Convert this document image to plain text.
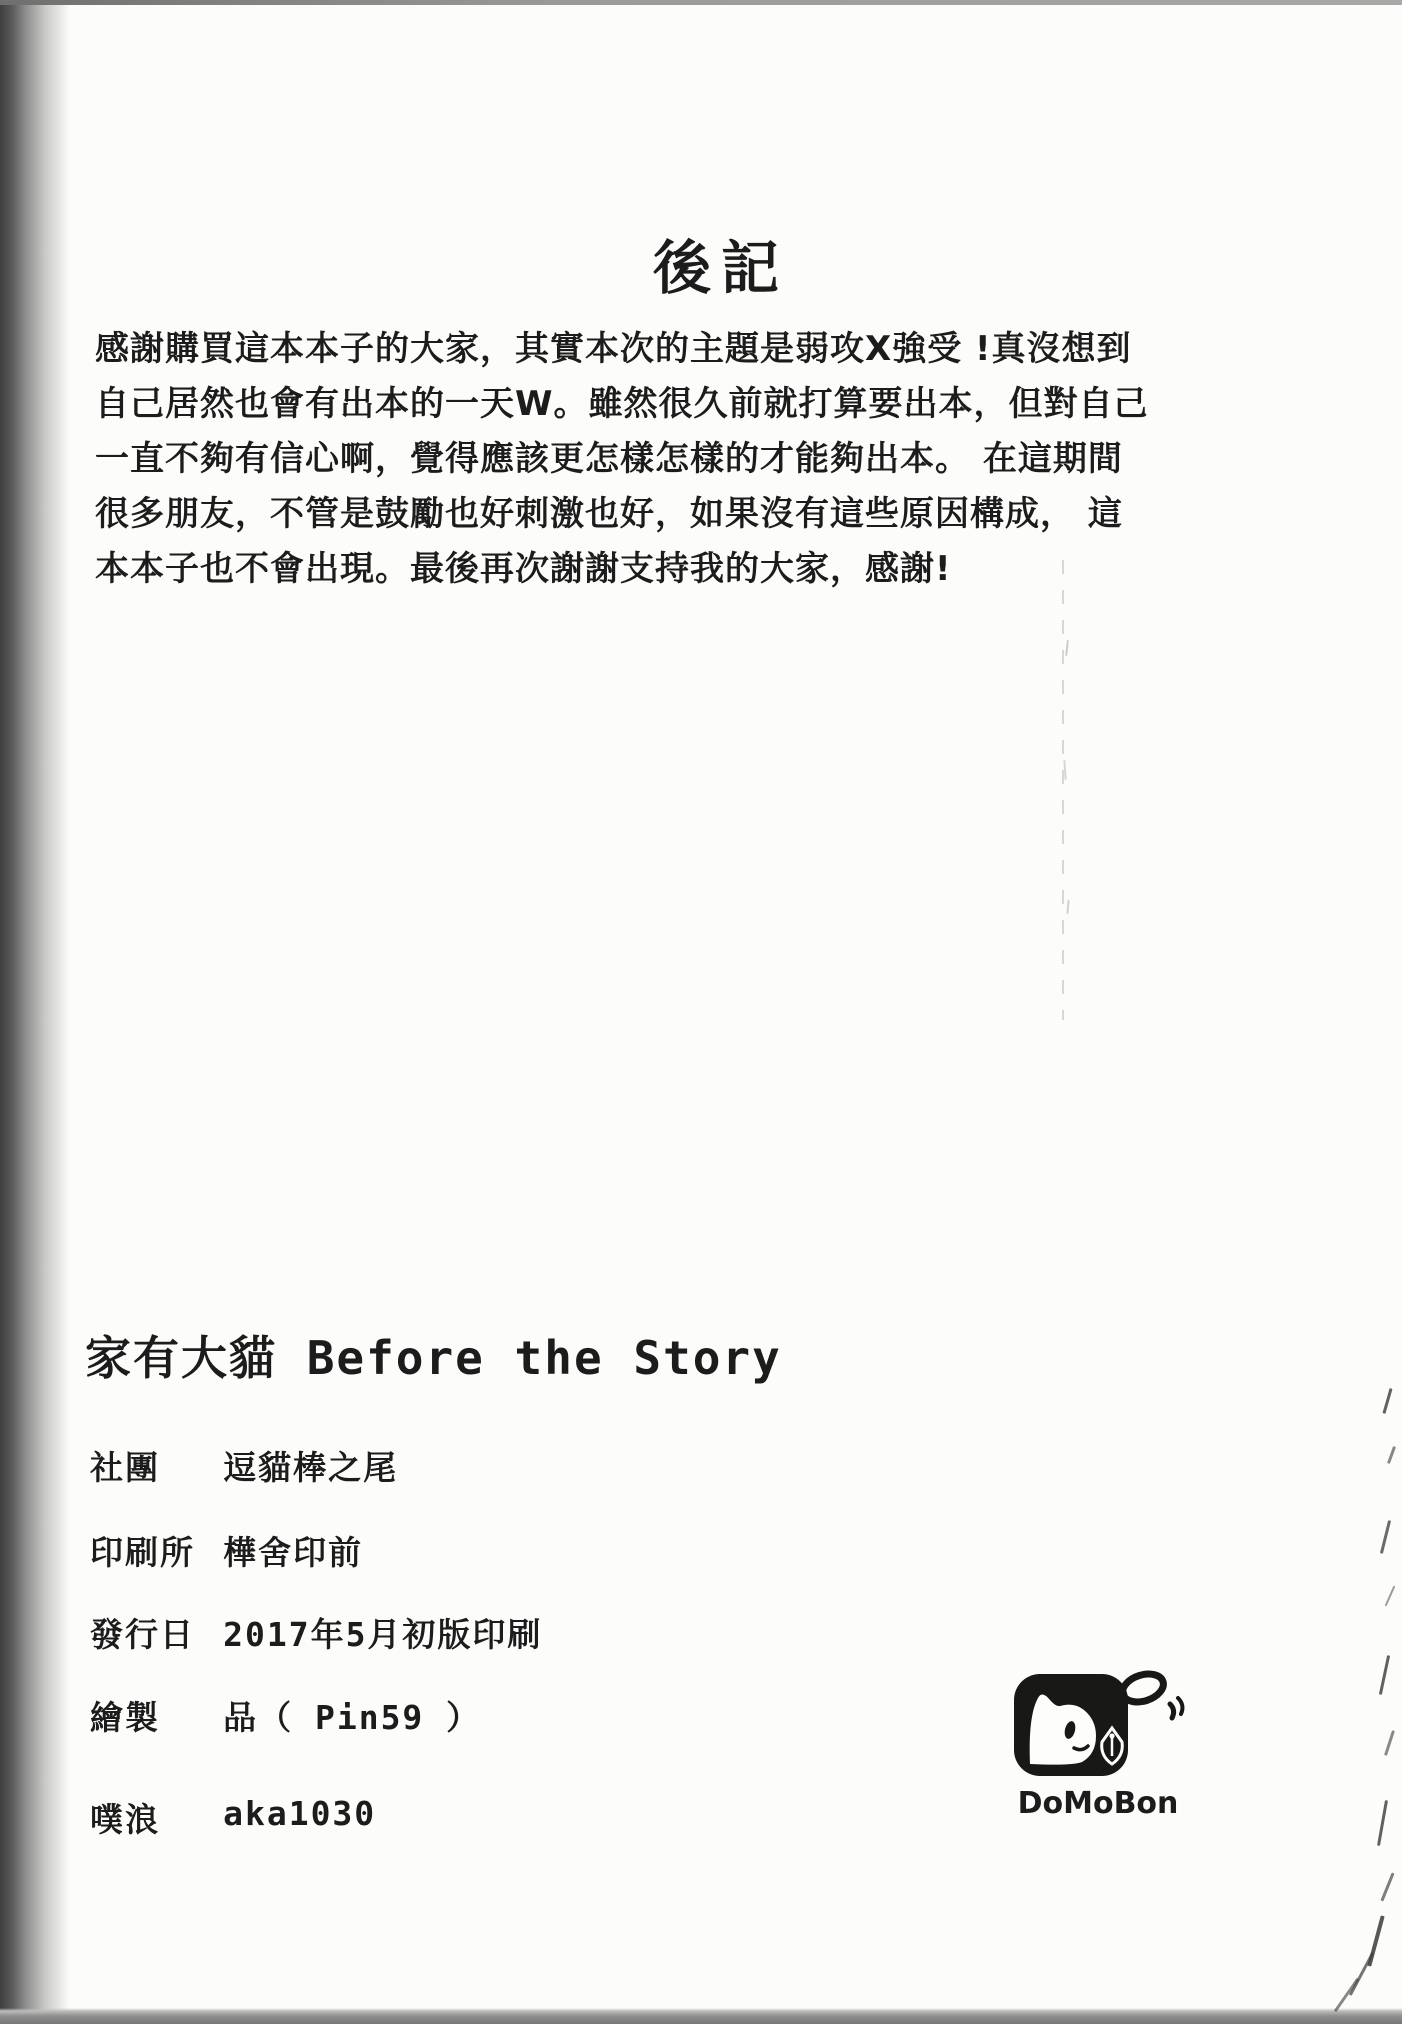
後記
感謝購買這本本子的大家，其實本次的主題是弱攻X強受 !真沒想到
自己居然也會有出本的一天W。雖然很久前就打算要出本，但對自己
一直不夠有信心啊，覺得應該更怎樣怎樣的才能夠出本。 在這期間
很多朋友，不管是鼓勵也好刺激也好，如果沒有這些原因構成， 這
本本子也不會出現。最後再次謝謝支持我的大家，感謝!
家有大貓 Before the Story
社團 逗貓棒之尾
印刷所 樺舍印前
發行日 2017年5月初版印刷
繪製 品（ Pin59 ）
噗浪 aka1030	DoMoBon
